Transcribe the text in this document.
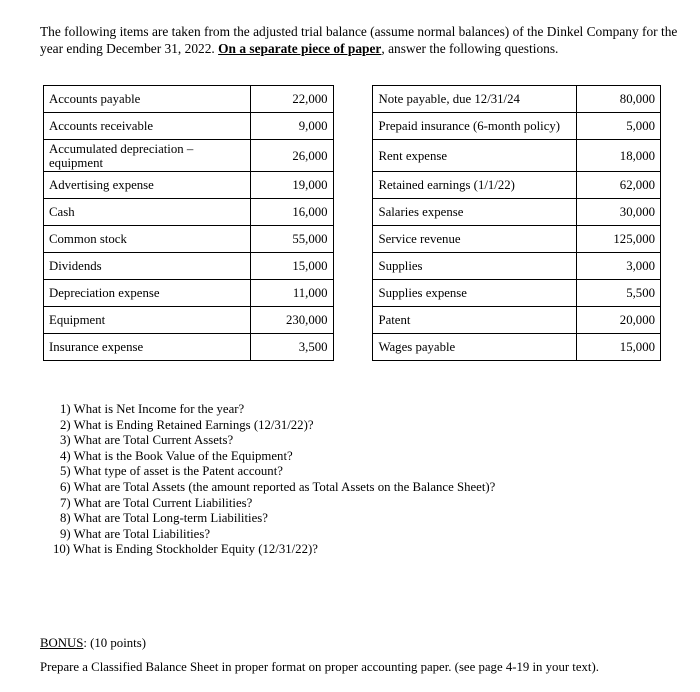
The following items are taken from the adjusted trial balance (assume normal balances) of the Dinkel Company for the year ending December 31, 2022. On a separate piece of paper, answer the following questions.
Accounts payable	22,000		Note payable, due 12/31/24	80,000
Accounts receivable	9,000		Prepaid insurance (6-month policy)	5,000
Accumulated depreciation – equipment	26,000		Rent expense	18,000
Advertising expense	19,000		Retained earnings (1/1/22)	62,000
Cash	16,000		Salaries expense	30,000
Common stock	55,000		Service revenue	125,000
Dividends	15,000		Supplies	3,000
Depreciation expense	11,000		Supplies expense	5,500
Equipment	230,000		Patent	20,000
Insurance expense	3,500		Wages payable	15,000
1) What is Net Income for the year?
2) What is Ending Retained Earnings (12/31/22)?
3) What are Total Current Assets?
4) What is the Book Value of the Equipment?
5) What type of asset is the Patent account?
6) What are Total Assets (the amount reported as Total Assets on the Balance Sheet)?
7) What are Total Current Liabilities?
8) What are Total Long-term Liabilities?
9) What are Total Liabilities?
10) What is Ending Stockholder Equity (12/31/22)?
BONUS: (10 points)
Prepare a Classified Balance Sheet in proper format on proper accounting paper. (see page 4-19 in your text).
